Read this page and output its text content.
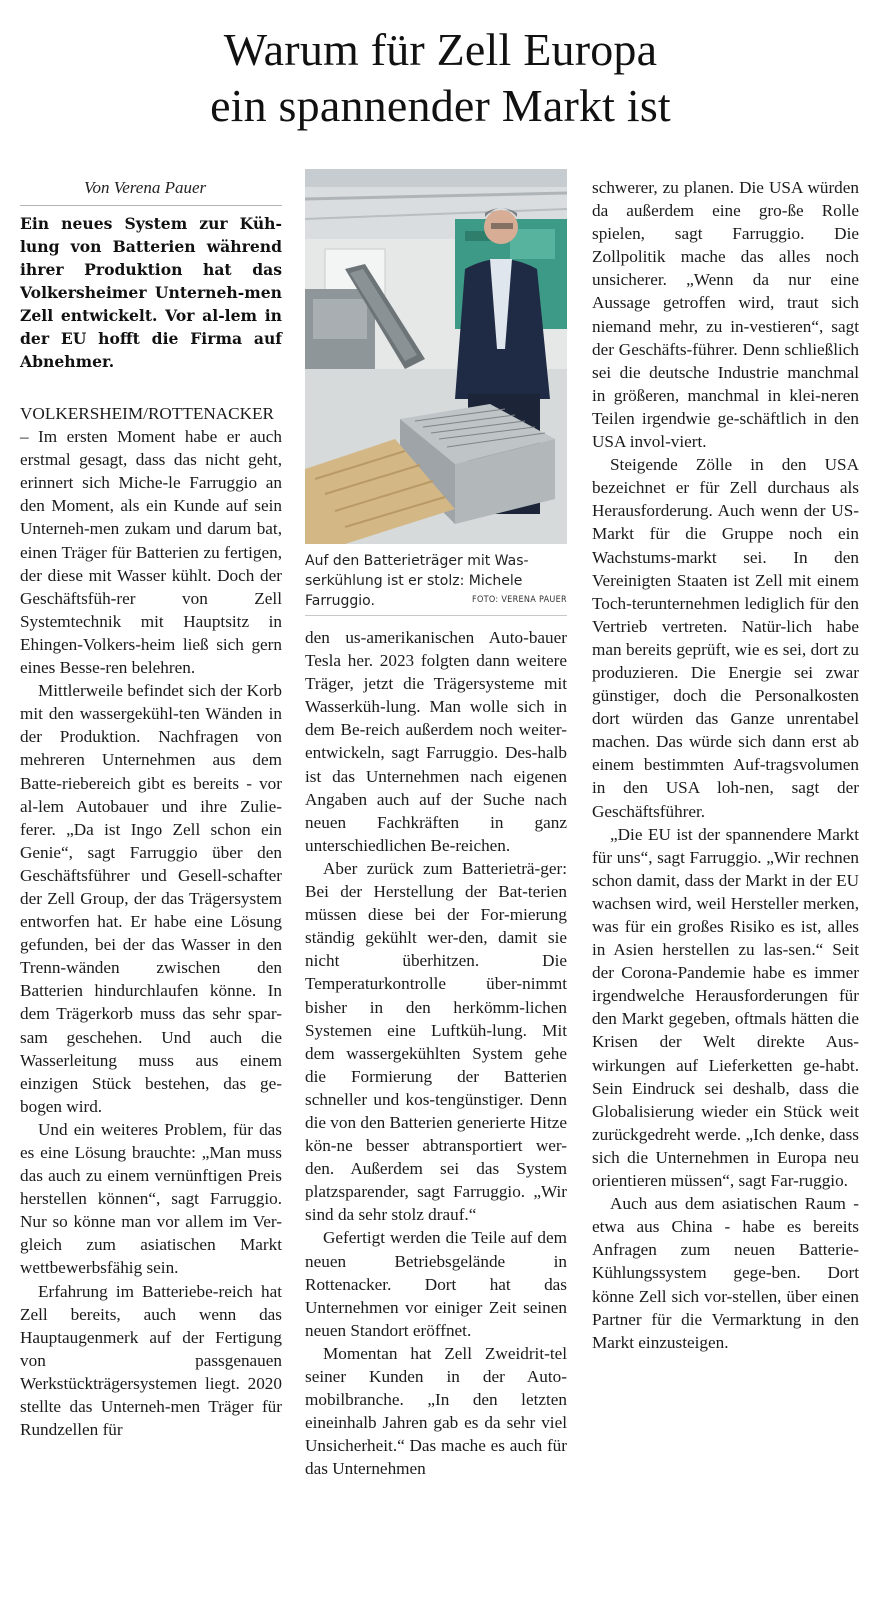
Warum für Zell Europa
ein spannender Markt ist
Von Verena Pauer
Ein neues System zur Küh-lung von Batterien während ihrer Produktion hat das Volkersheimer Unterneh-men Zell entwickelt. Vor al-lem in der EU hofft die Firma auf Abnehmer.

VOLKERSHEIM/ROTTENACKER – Im ersten Moment habe er auch erstmal gesagt, dass das nicht geht, erinnert sich Miche-le Farruggio an den Moment, als ein Kunde auf sein Unterneh-men zukam und darum bat, einen Träger für Batterien zu fertigen, der diese mit Wasser kühlt. Doch der Geschäftsfüh-rer von Zell Systemtechnik mit Hauptsitz in Ehingen-Volkers-heim ließ sich gern eines Besse-ren belehren.

Mittlerweile befindet sich der Korb mit den wassergekühl-ten Wänden in der Produktion. Nachfragen von mehreren Unternehmen aus dem Batte-riebereich gibt es bereits - vor al-lem Autobauer und ihre Zulie-ferer. „Da ist Ingo Zell schon ein Genie“, sagt Farruggio über den Geschäftsführer und Gesell-schafter der Zell Group, der das Trägersystem entworfen hat. Er habe eine Lösung gefunden, bei der das Wasser in den Trenn-wänden zwischen den Batterien hindurchlaufen könne. In dem Trägerkorb muss das sehr spar-sam geschehen. Und auch die Wasserleitung muss aus einem einzigen Stück bestehen, das ge-bogen wird.

Und ein weiteres Problem, für das es eine Lösung brauchte: „Man muss das auch zu einem vernünftigen Preis herstellen können“, sagt Farruggio. Nur so könne man vor allem im Ver-gleich zum asiatischen Markt wettbewerbsfähig sein.

Erfahrung im Batteriebe-reich hat Zell bereits, auch wenn das Hauptaugenmerk auf der Fertigung von passgenauen Werkstückträgersystemen liegt. 2020 stellte das Unterneh-men Träger für Rundzellen für

Auf den Batterieträger mit Was-serkühlung ist er stolz: Michele Farruggio.	FOTO: VERENA PAUER

den us-amerikanischen Auto-bauer Tesla her. 2023 folgten dann weitere Träger, jetzt die Trägersysteme mit Wasserküh-lung. Man wolle sich in dem Be-reich außerdem noch weiter-entwickeln, sagt Farruggio. Des-halb ist das Unternehmen nach eigenen Angaben auch auf der Suche nach neuen Fachkräften in ganz unterschiedlichen Be-reichen.

Aber zurück zum Batterieträ-ger: Bei der Herstellung der Bat-terien müssen diese bei der For-mierung ständig gekühlt wer-den, damit sie nicht überhitzen. Die Temperaturkontrolle über-nimmt bisher in den herkömm-lichen Systemen eine Luftküh-lung. Mit dem wassergekühlten System gehe die Formierung der Batterien schneller und kos-tengünstiger. Denn die von den Batterien generierte Hitze kön-ne besser abtransportiert wer-den. Außerdem sei das System platzsparender, sagt Farruggio. „Wir sind da sehr stolz drauf.“

Gefertigt werden die Teile auf dem neuen Betriebsgelände in Rottenacker. Dort hat das Unternehmen vor einiger Zeit seinen neuen Standort eröffnet.

Momentan hat Zell Zweidrit-tel seiner Kunden in der Auto-mobilbranche. „In den letzten eineinhalb Jahren gab es da sehr viel Unsicherheit.“ Das mache es auch für das Unternehmen

schwerer, zu planen. Die USA würden da außerdem eine gro-ße Rolle spielen, sagt Farruggio. Die Zollpolitik mache das alles noch unsicherer. „Wenn da nur eine Aussage getroffen wird, traut sich niemand mehr, zu in-vestieren“, sagt der Geschäfts-führer. Denn schließlich sei die deutsche Industrie manchmal in größeren, manchmal in klei-neren Teilen irgendwie ge-schäftlich in den USA invol-viert.

Steigende Zölle in den USA bezeichnet er für Zell durchaus als Herausforderung. Auch wenn der US-Markt für die Gruppe noch ein Wachstums-markt sei. In den Vereinigten Staaten ist Zell mit einem Toch-terunternehmen lediglich für den Vertrieb vertreten. Natür-lich habe man bereits geprüft, wie es sei, dort zu produzieren. Die Energie sei zwar günstiger, doch die Personalkosten dort würden das Ganze unrentabel machen. Das würde sich dann erst ab einem bestimmten Auf-tragsvolumen in den USA loh-nen, sagt der Geschäftsführer.

„Die EU ist der spannendere Markt für uns“, sagt Farruggio. „Wir rechnen schon damit, dass der Markt in der EU wachsen wird, weil Hersteller merken, was für ein großes Risiko es ist, alles in Asien herstellen zu las-sen.“ Seit der Corona-Pandemie habe es immer irgendwelche Herausforderungen für den Markt gegeben, oftmals hätten die Krisen der Welt direkte Aus-wirkungen auf Lieferketten ge-habt. Sein Eindruck sei deshalb, dass die Globalisierung wieder ein Stück weit zurückgedreht werde. „Ich denke, dass sich die Unternehmen in Europa neu orientieren müssen“, sagt Far-ruggio.

Auch aus dem asiatischen Raum - etwa aus China - habe es bereits Anfragen zum neuen Batterie-Kühlungssystem gege-ben. Dort könne Zell sich vor-stellen, über einen Partner für die Vermarktung in den Markt einzusteigen.
